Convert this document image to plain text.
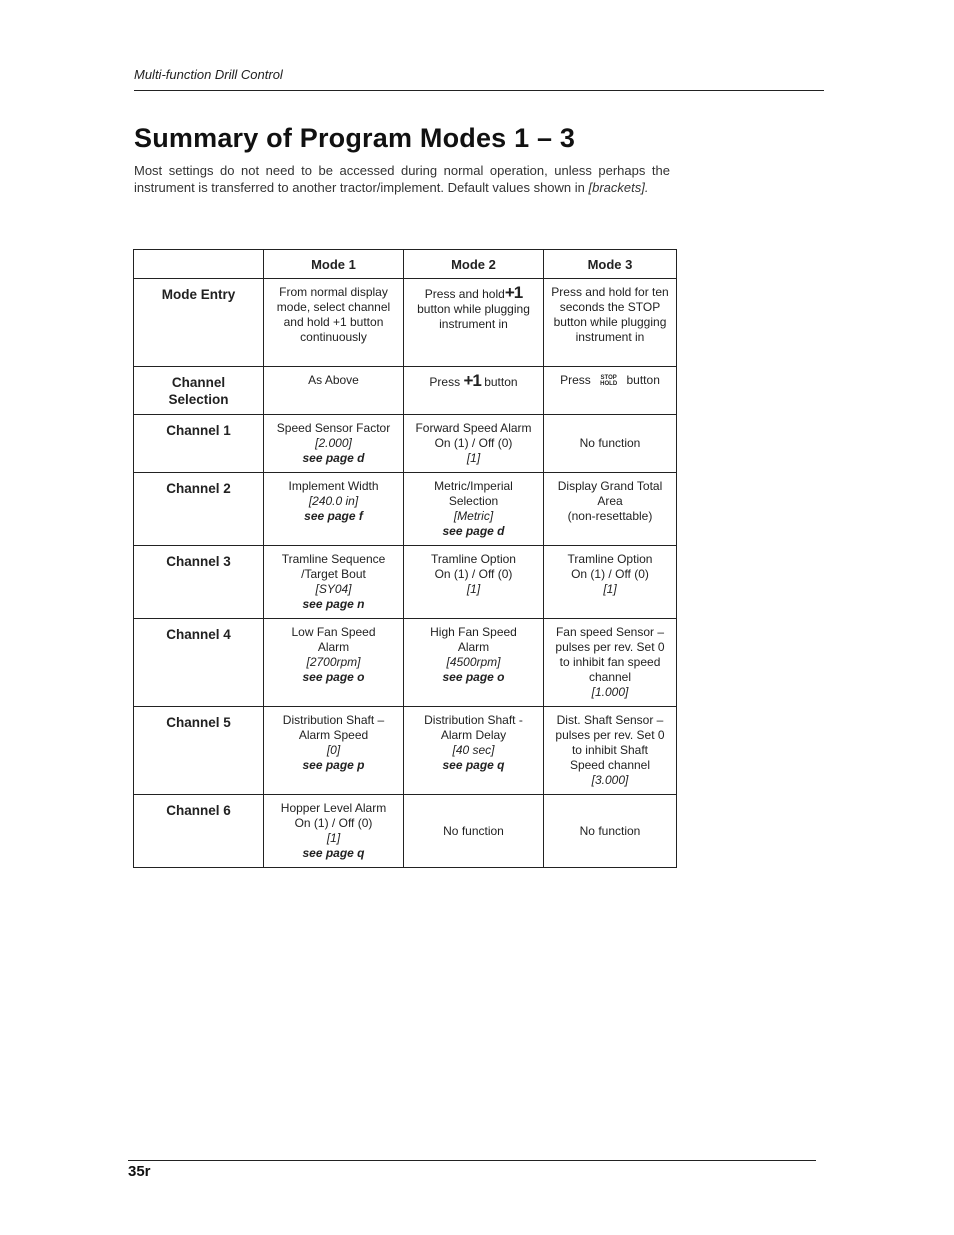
Multi-function Drill Control
Summary of Program Modes 1 – 3
Most settings do not need to be accessed during normal operation, unless perhaps the instrument is transferred to another tractor/implement. Default values shown in [brackets].
	Mode 1	Mode 2	Mode 3
Mode Entry	From normal display mode, select channel and hold +1 button continuously	Press and hold+1 button while plugging instrument in	Press and hold for ten seconds the STOP button while plugging instrument in
Channel Selection	As Above	Press +1 button	Press STOP
HOLD button
Channel 1	Speed Sensor Factor
[2.000]
see page d	Forward Speed Alarm
On (1) / Off (0)
[1]	No function

Channel 2	Implement Width
[240.0 in]
see page f	Metric/Imperial
Selection
[Metric]
see page d	Display Grand Total
Area
(non-resettable)

Channel 3	Tramline Sequence
/Target Bout
[SY04]
see page n	Tramline Option
On (1) / Off (0)
[1]	Tramline Option
On (1) / Off (0)
[1]

Channel 4	Low Fan Speed
Alarm
[2700rpm]
see page o	High Fan Speed
Alarm
[4500rpm]
see page o	Fan speed Sensor –
pulses per rev. Set 0
to inhibit fan speed
channel
[1.000]

Channel 5	Distribution Shaft –
Alarm Speed
[0]
see page p	Distribution Shaft -
Alarm Delay
[40 sec]
see page q	Dist. Shaft Sensor –
pulses per rev. Set 0
to inhibit Shaft
Speed channel
[3.000]

Channel 6	Hopper Level Alarm
On (1) / Off (0)
[1]
see page q	No function	No function
35r
